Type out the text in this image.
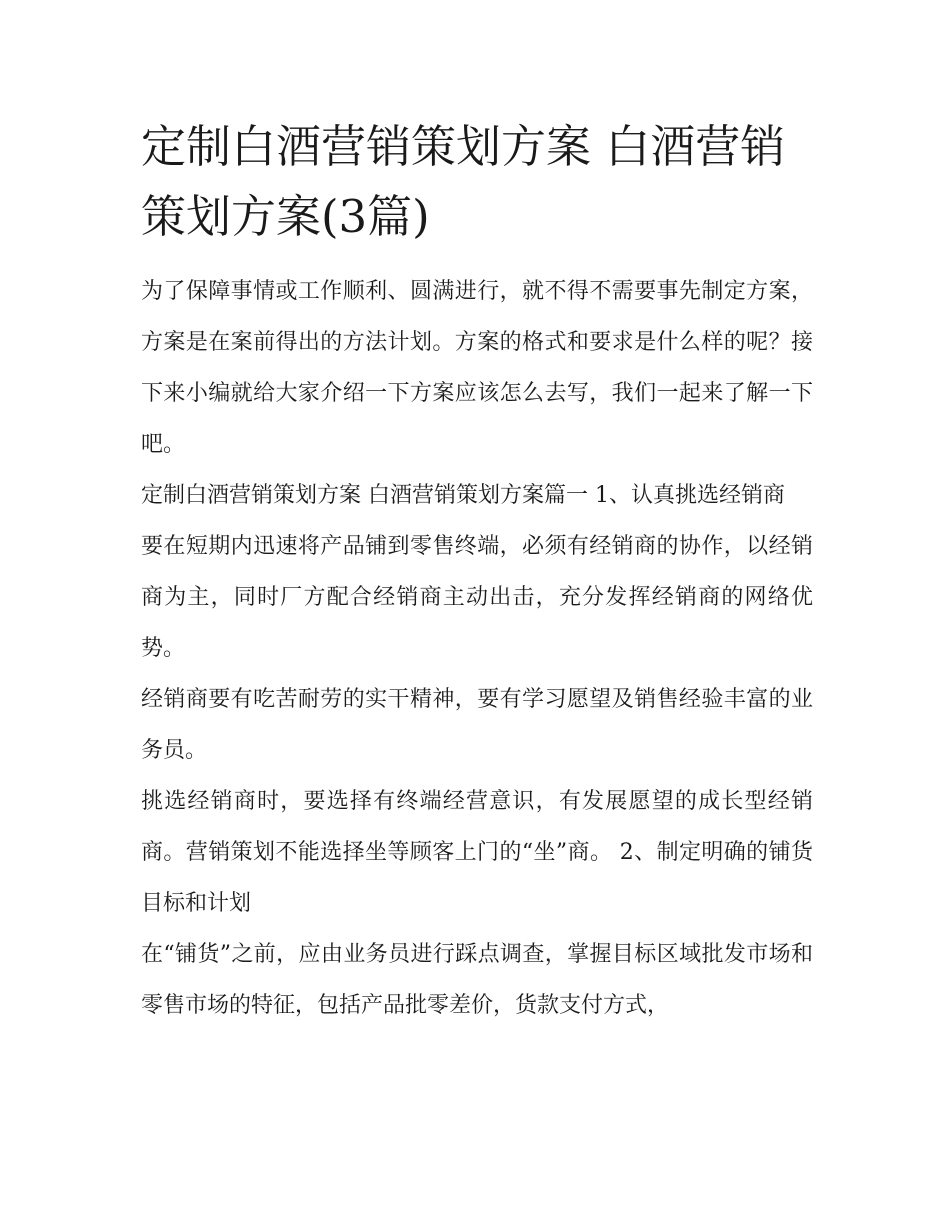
定制白酒营销策划方案 白酒营销策划方案(3篇)

为了保障事情或工作顺利、圆满进行，就不得不需要事先制定方案，方案是在案前得出的方法计划。方案的格式和要求是什么样的呢？接下来小编就给大家介绍一下方案应该怎么去写，我们一起来了解一下吧。

定制白酒营销策划方案 白酒营销策划方案篇一 1、认真挑选经销商

要在短期内迅速将产品铺到零售终端，必须有经销商的协作，以经销商为主，同时厂方配合经销商主动出击，充分发挥经销商的网络优势。

经销商要有吃苦耐劳的实干精神，要有学习愿望及销售经验丰富的业务员。

挑选经销商时，要选择有终端经营意识，有发展愿望的成长型经销商。营销策划不能选择坐等顾客上门的“坐”商。 2、制定明确的铺货目标和计划

在“铺货”之前，应由业务员进行踩点调查，掌握目标区域批发市场和零售市场的特征，包括产品批零差价，货款支付方式，
